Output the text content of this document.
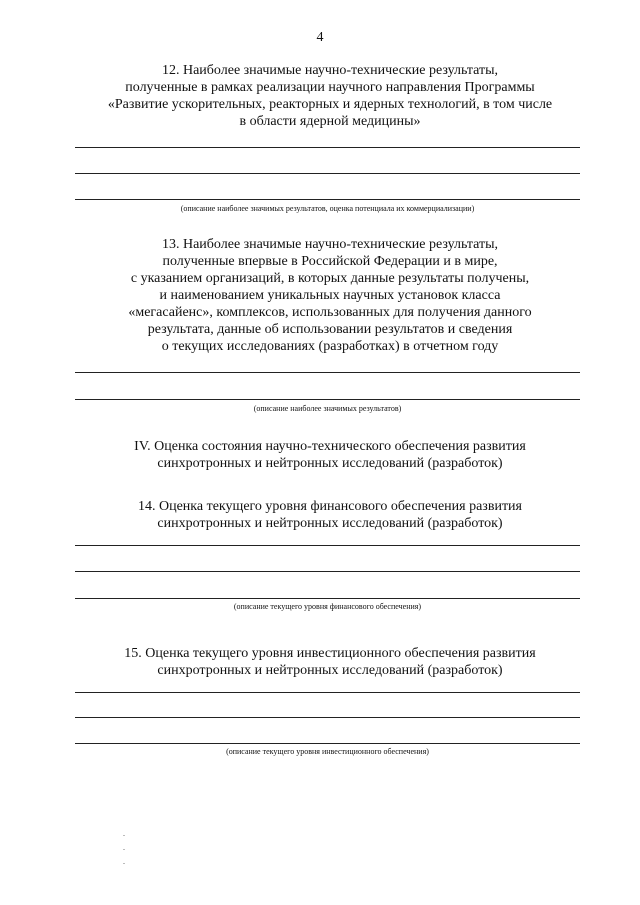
4
12. Наиболее значимые научно-технические результаты,
полученные в рамках реализации научного направления Программы
«Развитие ускорительных, реакторных и ядерных технологий, в том числе
в области ядерной медицины»
(описание наиболее значимых результатов, оценка потенциала их коммерциализации)
13. Наиболее значимые научно-технические результаты,
полученные впервые в Российской Федерации и в мире,
с указанием организаций, в которых данные результаты получены,
и наименованием уникальных научных установок класса
«мегасайенс», комплексов, использованных для получения данного
результата, данные об использовании результатов и сведения
о текущих исследованиях (разработках) в отчетном году
(описание наиболее значимых результатов)
IV. Оценка состояния научно-технического обеспечения развития
синхротронных и нейтронных исследований (разработок)
14. Оценка текущего уровня финансового обеспечения развития
синхротронных и нейтронных исследований (разработок)
(описание текущего уровня финансового обеспечения)
15. Оценка текущего уровня инвестиционного обеспечения развития
синхротронных и нейтронных исследований (разработок)
(описание текущего уровня инвестиционного обеспечения)
